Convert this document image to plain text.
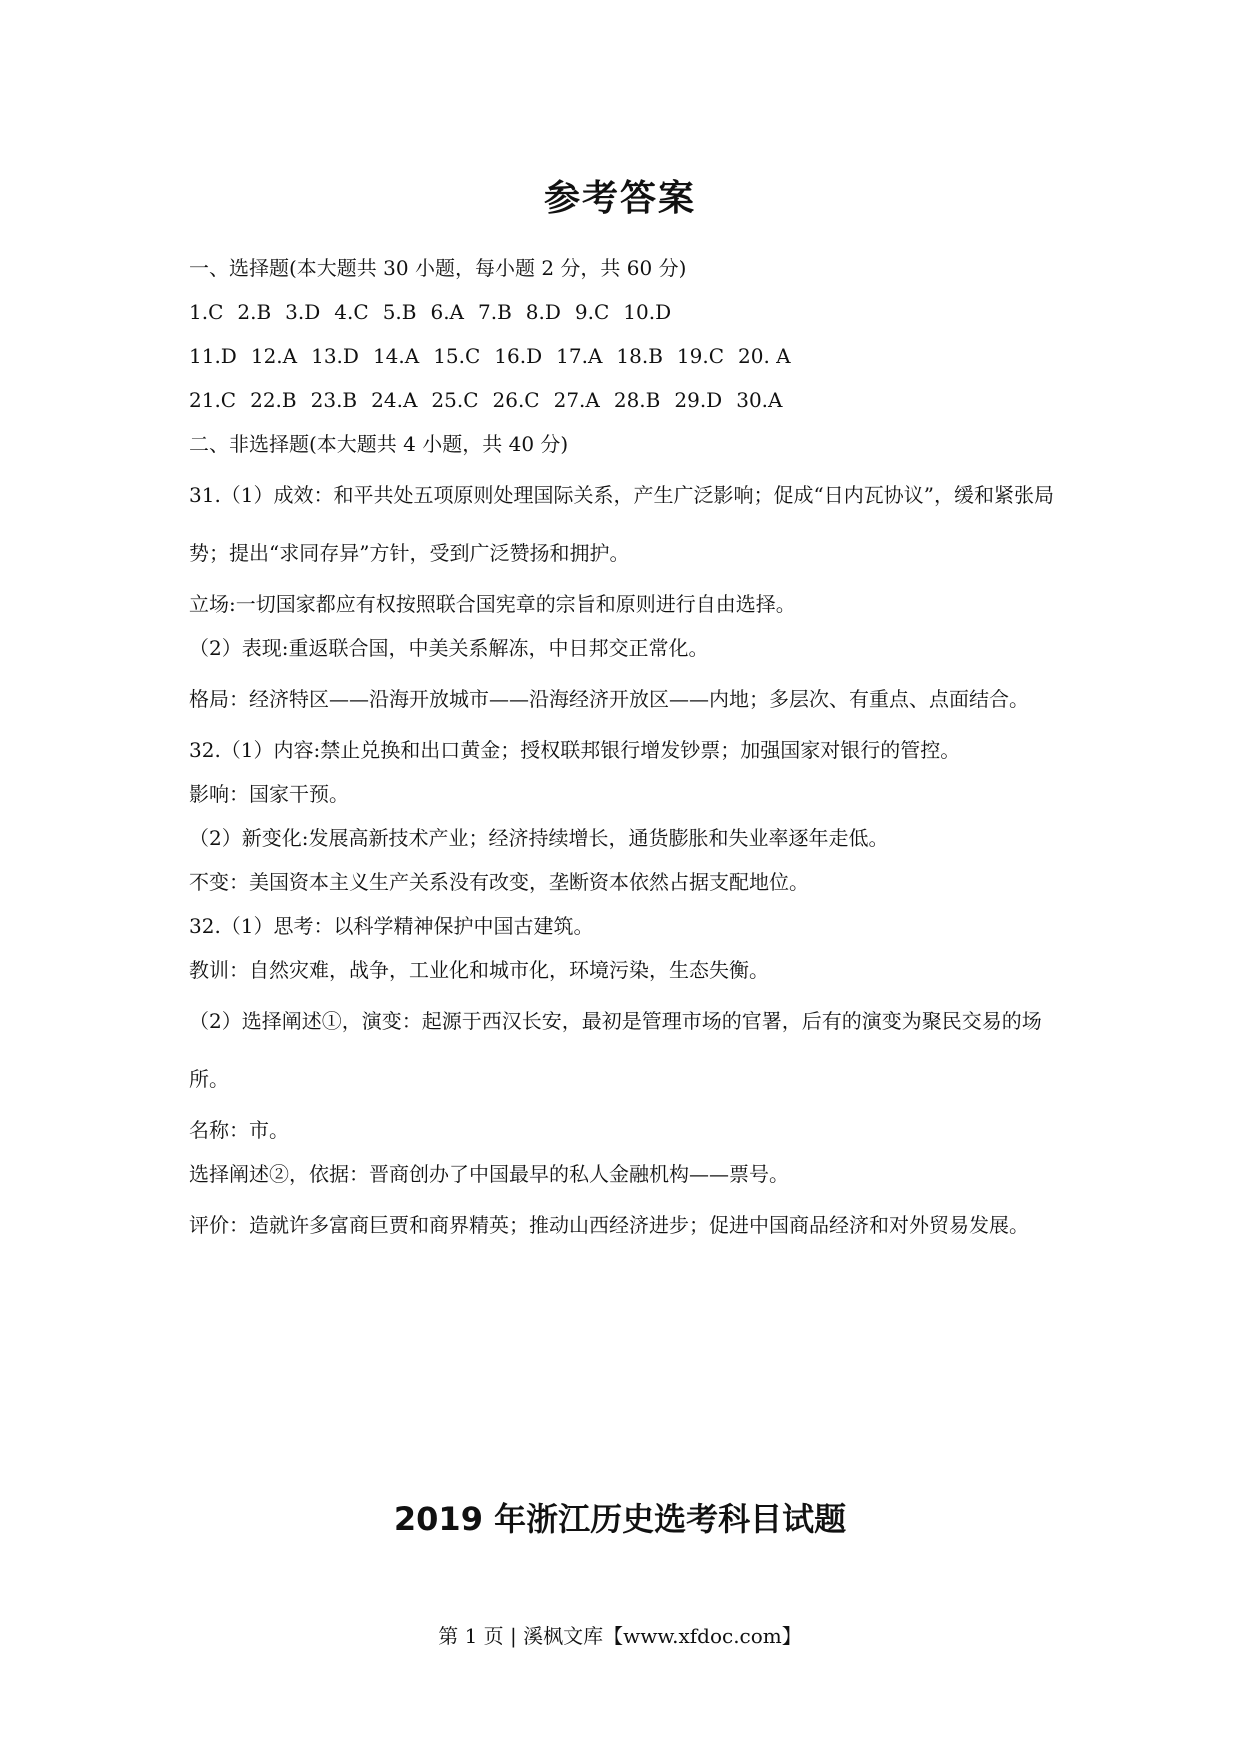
参考答案

一、选择题(本大题共 30 小题，每小题 2 分，共 60 分)

1.C 2.B 3.D 4.C 5.B 6.A 7.B 8.D 9.C 10.D

11.D 12.A 13.D 14.A 15.C 16.D 17.A 18.B 19.C 20. A

21.C 22.B 23.B 24.A 25.C 26.C 27.A 28.B 29.D 30.A

二、非选择题(本大题共 4 小题，共 40 分)

31.（1）成效：和平共处五项原则处理国际关系，产生广泛影响；促成“日内瓦协议”，缓和紧张局势；提出“求同存异”方针，受到广泛赞扬和拥护。

立场:一切国家都应有权按照联合国宪章的宗旨和原则进行自由选择。

（2）表现:重返联合国，中美关系解冻，中日邦交正常化。

格局：经济特区——沿海开放城市——沿海经济开放区——内地；多层次、有重点、点面结合。

32.（1）内容:禁止兑换和出口黄金；授权联邦银行增发钞票；加强国家对银行的管控。

影响：国家干预。

（2）新变化:发展高新技术产业；经济持续增长，通货膨胀和失业率逐年走低。

不变：美国资本主义生产关系没有改变，垄断资本依然占据支配地位。

32.（1）思考：以科学精神保护中国古建筑。

教训：自然灾难，战争，工业化和城市化，环境污染，生态失衡。

（2）选择阐述①，演变：起源于西汉长安，最初是管理市场的官署，后有的演变为聚民交易的场所。

名称：市。

选择阐述②，依据：晋商创办了中国最早的私人金融机构——票号。

评价：造就许多富商巨贾和商界精英；推动山西经济进步；促进中国商品经济和对外贸易发展。

2019 年浙江历史选考科目试题
第 1 页 | 溪枫文库【www.xfdoc.com】
